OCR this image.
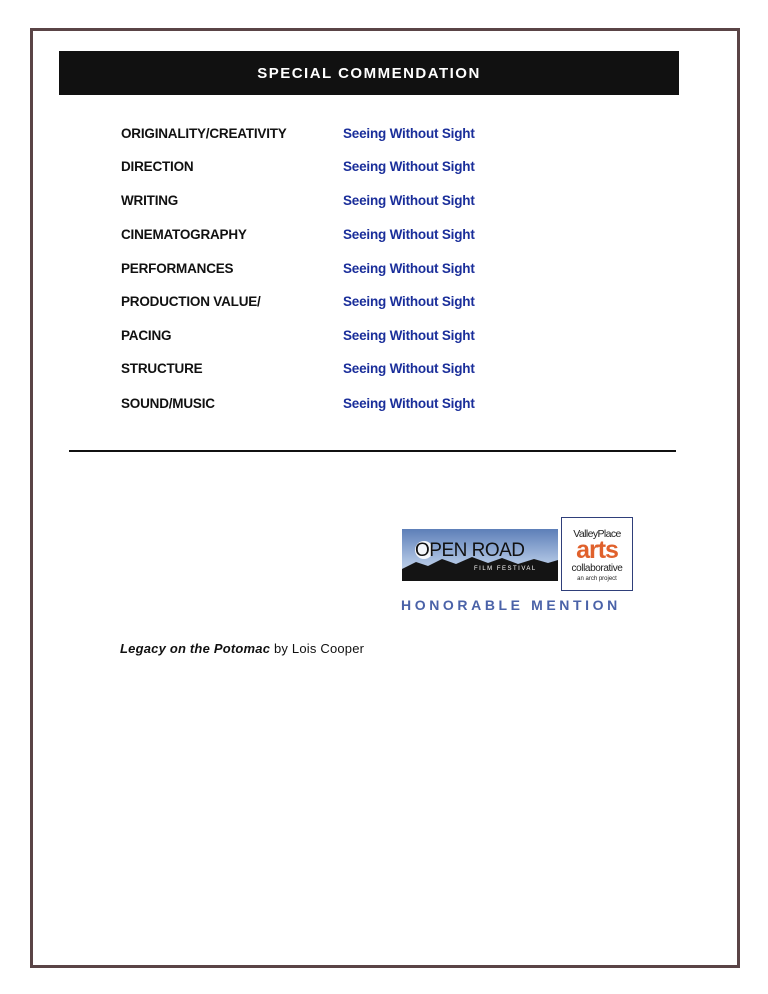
SPECIAL COMMENDATION
ORIGINALITY/CREATIVITY	Seeing Without Sight
DIRECTION	Seeing Without Sight
WRITING	Seeing Without Sight
CINEMATOGRAPHY	Seeing Without Sight
PERFORMANCES	Seeing Without Sight
PRODUCTION VALUE/	Seeing Without Sight
PACING	Seeing Without Sight
STRUCTURE	Seeing Without Sight
SOUND/MUSIC	Seeing Without Sight
OPEN ROAD
FILM FESTIVAL
ValleyPlace
arts
collaborative
an arch project
HONORABLE MENTION
Legacy on the Potomac by Lois Cooper
